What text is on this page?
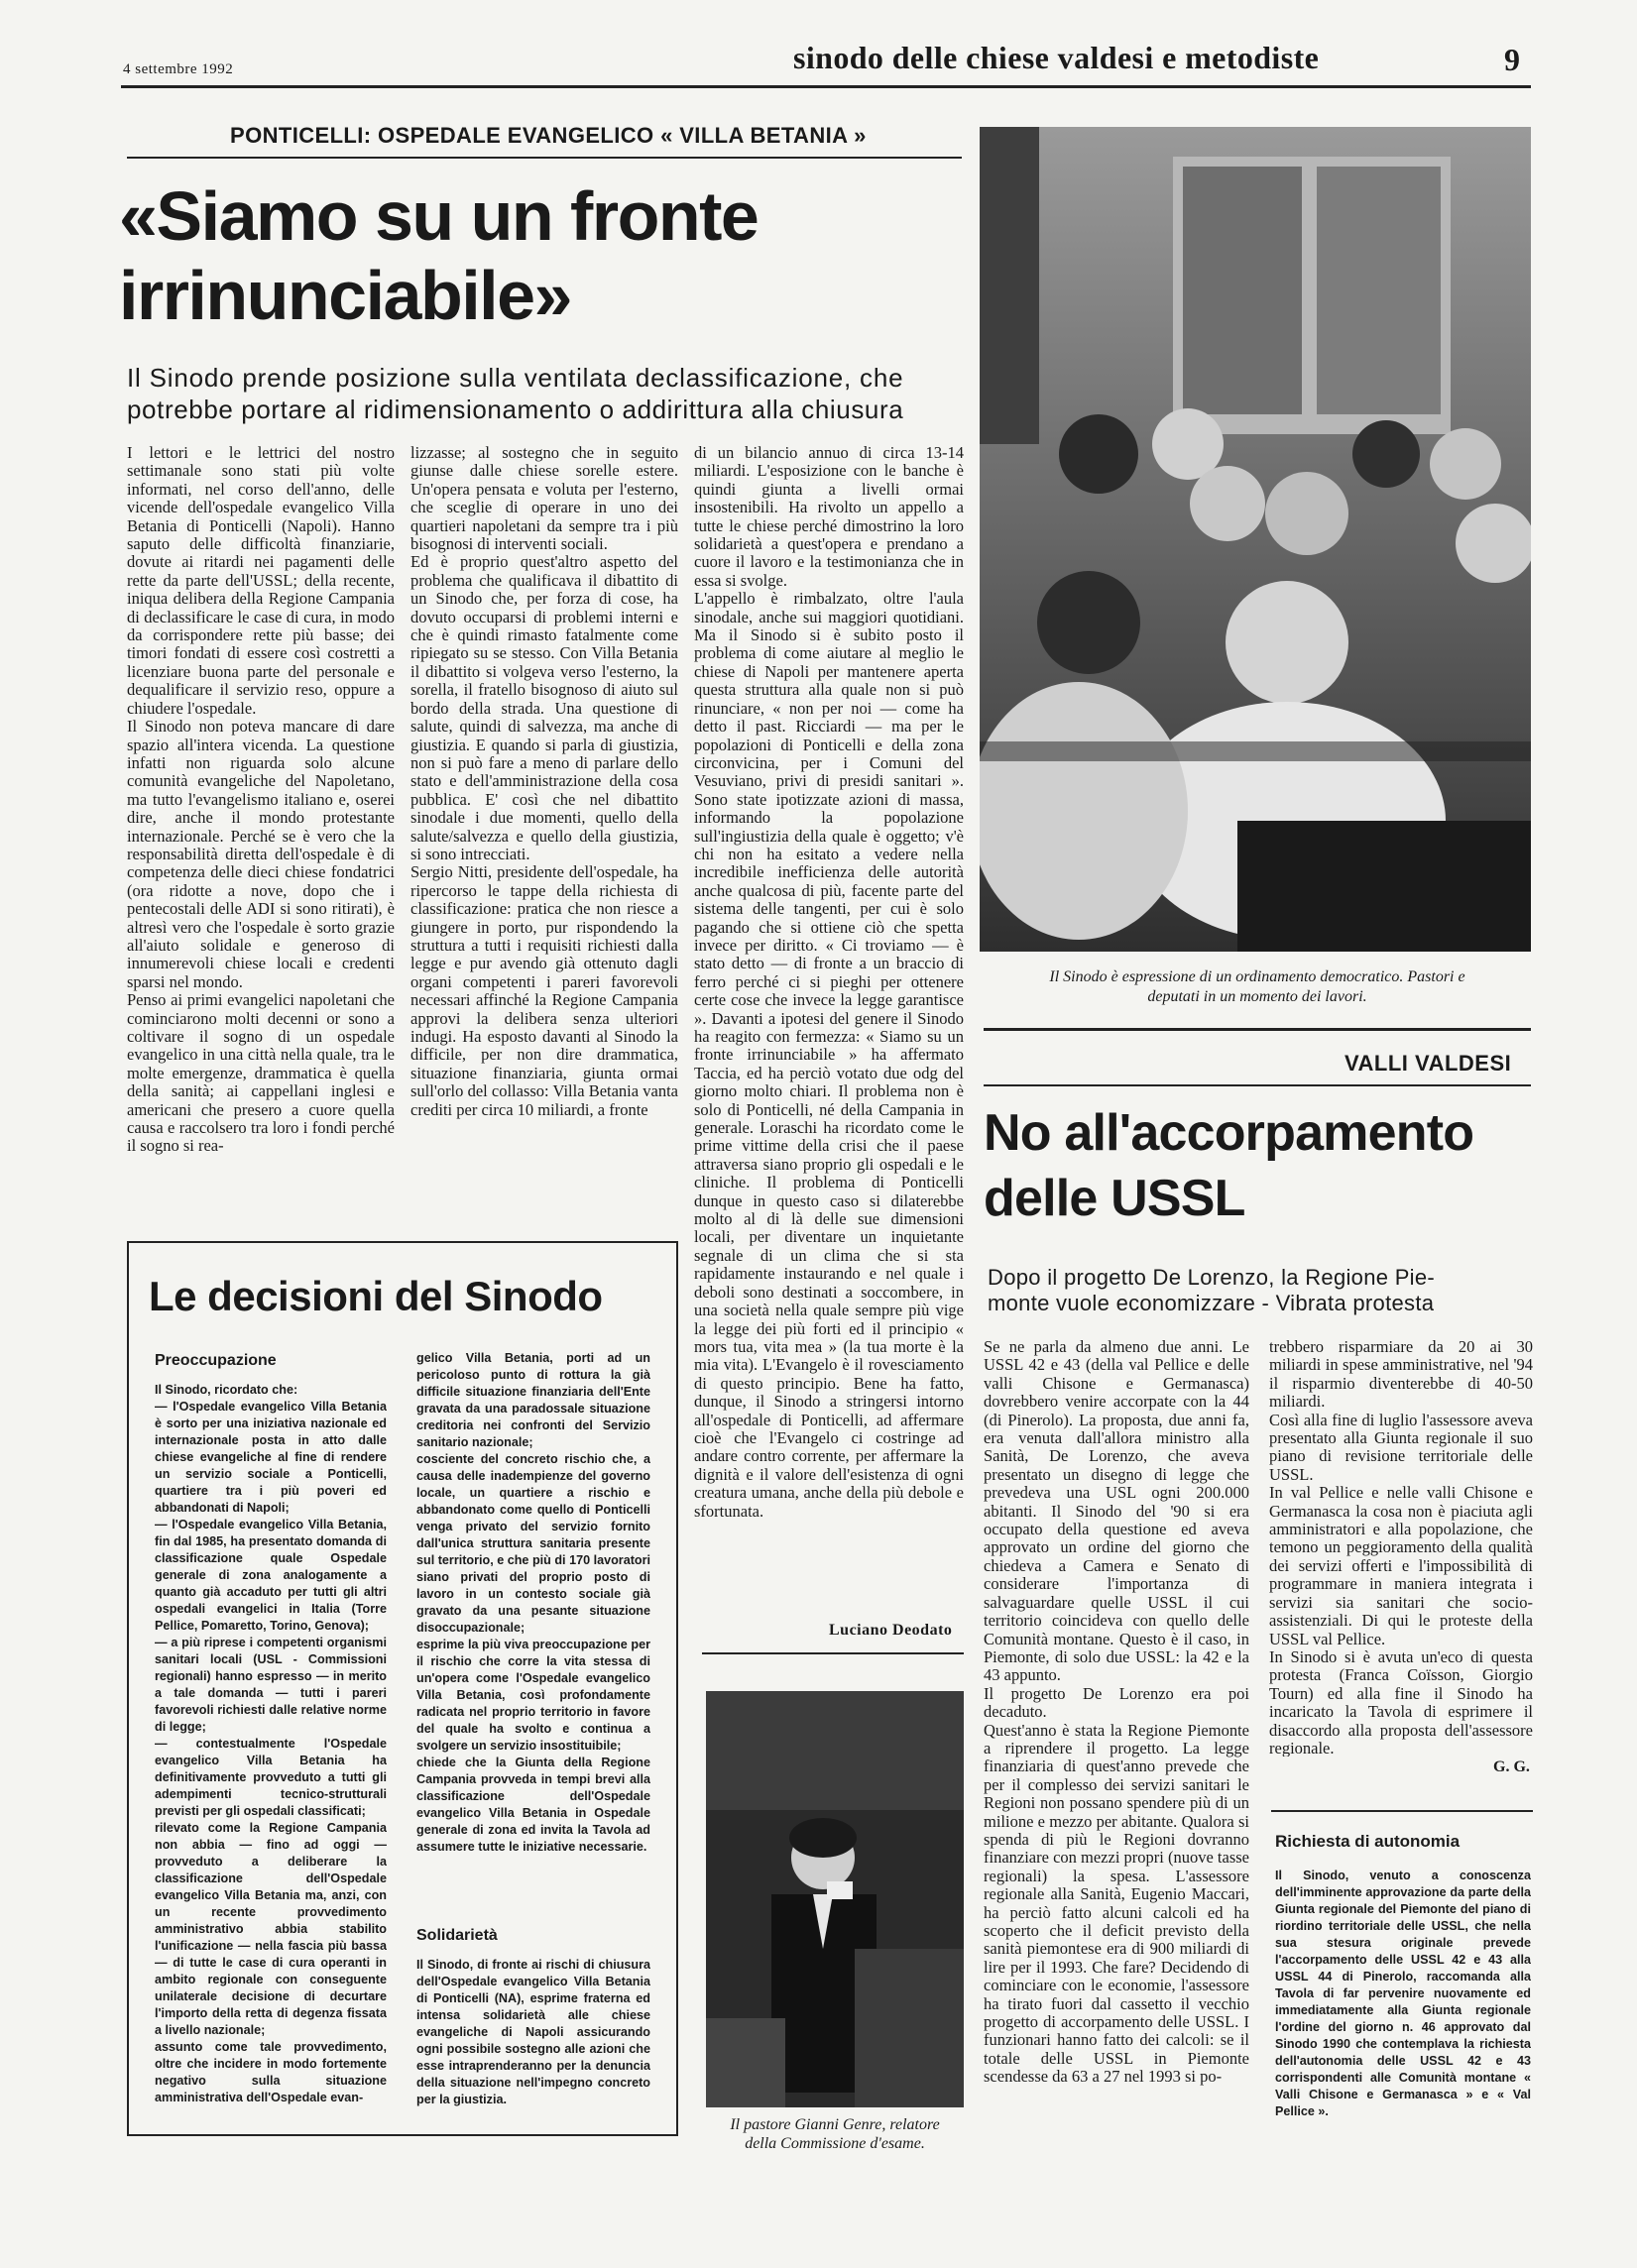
4 settembre 1992	sinodo delle chiese valdesi e metodiste	9
PONTICELLI: OSPEDALE EVANGELICO « VILLA BETANIA »
«Siamo su un fronte
irrinunciabile»
Il Sinodo prende posizione sulla ventilata declassificazione, che
potrebbe portare al ridimensionamento o addirittura alla chiusura
I lettori e le lettrici del nostro settimanale sono stati più volte informati, nel corso dell'anno, delle vicende dell'ospedale evangelico Villa Betania di Ponticelli (Napoli). Hanno saputo delle difficoltà finanziarie, dovute ai ritardi nei pagamenti delle rette da parte dell'USSL; della recente, iniqua delibera della Regione Campania di declassificare le case di cura, in modo da corrispondere rette più basse; dei timori fondati di essere così costretti a licenziare buona parte del personale e dequalificare il servizio reso, oppure a chiudere l'ospedale.
Il Sinodo non poteva mancare di dare spazio all'intera vicenda. La questione infatti non riguarda solo alcune comunità evangeliche del Napoletano, ma tutto l'evangelismo italiano e, oserei dire, anche il mondo protestante internazionale. Perché se è vero che la responsabilità diretta dell'ospedale è di competenza delle dieci chiese fondatrici (ora ridotte a nove, dopo che i pentecostali delle ADI si sono ritirati), è altresì vero che l'ospedale è sorto grazie all'aiuto solidale e generoso di innumerevoli chiese locali e credenti sparsi nel mondo.
Penso ai primi evangelici napoletani che cominciarono molti decenni or sono a coltivare il sogno di un ospedale evangelico in una città nella quale, tra le molte emergenze, drammatica è quella della sanità; ai cappellani inglesi e americani che presero a cuore quella causa e raccolsero tra loro i fondi perché il sogno si rea-
lizzasse; al sostegno che in seguito giunse dalle chiese sorelle estere. Un'opera pensata e voluta per l'esterno, che sceglie di operare in uno dei quartieri napoletani da sempre tra i più bisognosi di interventi sociali.
Ed è proprio quest'altro aspetto del problema che qualificava il dibattito di un Sinodo che, per forza di cose, ha dovuto occuparsi di problemi interni e che è quindi rimasto fatalmente come ripiegato su se stesso. Con Villa Betania il dibattito si volgeva verso l'esterno, la sorella, il fratello bisognoso di aiuto sul bordo della strada. Una questione di salute, quindi di salvezza, ma anche di giustizia. E quando si parla di giustizia, non si può fare a meno di parlare dello stato e dell'amministrazione della cosa pubblica. E' così che nel dibattito sinodale i due momenti, quello della salute/salvezza e quello della giustizia, si sono intrecciati.
Sergio Nitti, presidente dell'ospedale, ha ripercorso le tappe della richiesta di classificazione: pratica che non riesce a giungere in porto, pur rispondendo la struttura a tutti i requisiti richiesti dalla legge e pur avendo già ottenuto dagli organi competenti i pareri favorevoli necessari affinché la Regione Campania approvi la delibera senza ulteriori indugi. Ha esposto davanti al Sinodo la difficile, per non dire drammatica, situazione finanziaria, giunta ormai sull'orlo del collasso: Villa Betania vanta crediti per circa 10 miliardi, a fronte
di un bilancio annuo di circa 13-14 miliardi. L'esposizione con le banche è quindi giunta a livelli ormai insostenibili. Ha rivolto un appello a tutte le chiese perché dimostrino la loro solidarietà a quest'opera e prendano a cuore il lavoro e la testimonianza che in essa si svolge.
L'appello è rimbalzato, oltre l'aula sinodale, anche sui maggiori quotidiani. Ma il Sinodo si è subito posto il problema di come aiutare al meglio le chiese di Napoli per mantenere aperta questa struttura alla quale non si può rinunciare, « non per noi — come ha detto il past. Ricciardi — ma per le popolazioni di Ponticelli e della zona circonvicina, per i Comuni del Vesuviano, privi di presidi sanitari ». Sono state ipotizzate azioni di massa, informando la popolazione sull'ingiustizia della quale è oggetto; v'è chi non ha esitato a vedere nella incredibile inefficienza delle autorità anche qualcosa di più, facente parte del sistema delle tangenti, per cui è solo pagando che si ottiene ciò che spetta invece per diritto. « Ci troviamo — è stato detto — di fronte a un braccio di ferro perché ci si pieghi per ottenere certe cose che invece la legge garantisce ». Davanti a ipotesi del genere il Sinodo ha reagito con fermezza: « Siamo su un fronte irrinunciabile » ha affermato Taccia, ed ha perciò votato due odg del giorno molto chiari. Il problema non è solo di Ponticelli, né della Campania in generale. Loraschi ha ricordato come le prime vittime della crisi che il paese attraversa siano proprio gli ospedali e le cliniche. Il problema di Ponticelli dunque in questo caso si dilaterebbe molto al di là delle sue dimensioni locali, per diventare un inquietante segnale di un clima che si sta rapidamente instaurando e nel quale i deboli sono destinati a soccombere, in una società nella quale sempre più vige la legge dei più forti ed il principio « mors tua, vita mea » (la tua morte è la mia vita). L'Evangelo è il rovesciamento di questo principio. Bene ha fatto, dunque, il Sinodo a stringersi intorno all'ospedale di Ponticelli, ad affermare cioè che l'Evangelo ci costringe ad andare contro corrente, per affermare la dignità e il valore dell'esistenza di ogni creatura umana, anche della più debole e sfortunata.
Luciano Deodato
Il Sinodo è espressione di un ordinamento democratico. Pastori e
deputati in un momento dei lavori.
Le decisioni del Sinodo
Preoccupazione
Il Sinodo, ricordato che:
— l'Ospedale evangelico Villa Betania è sorto per una iniziativa nazionale ed internazionale posta in atto dalle chiese evangeliche al fine di rendere un servizio sociale a Ponticelli, quartiere tra i più poveri ed abbandonati di Napoli;
— l'Ospedale evangelico Villa Betania, fin dal 1985, ha presentato domanda di classificazione quale Ospedale generale di zona analogamente a quanto già accaduto per tutti gli altri ospedali evangelici in Italia (Torre Pellice, Pomaretto, Torino, Genova);
— a più riprese i competenti organismi sanitari locali (USL - Commissioni regionali) hanno espresso — in merito a tale domanda — tutti i pareri favorevoli richiesti dalle relative norme di legge;
— contestualmente l'Ospedale evangelico Villa Betania ha definitivamente provveduto a tutti gli adempimenti tecnico-strutturali previsti per gli ospedali classificati;
rilevato come la Regione Campania non abbia — fino ad oggi — provveduto a deliberare la classificazione dell'Ospedale evangelico Villa Betania ma, anzi, con un recente provvedimento amministrativo abbia stabilito l'unificazione — nella fascia più bassa — di tutte le case di cura operanti in ambito regionale con conseguente unilaterale decisione di decurtare l'importo della retta di degenza fissata a livello nazionale;
assunto come tale provvedimento, oltre che incidere in modo fortemente negativo sulla situazione amministrativa dell'Ospedale evan-
gelico Villa Betania, porti ad un pericoloso punto di rottura la già difficile situazione finanziaria dell'Ente gravata da una paradossale situazione creditoria nei confronti del Servizio sanitario nazionale;
cosciente del concreto rischio che, a causa delle inadempienze del governo locale, un quartiere a rischio e abbandonato come quello di Ponticelli venga privato del servizio fornito dall'unica struttura sanitaria presente sul territorio, e che più di 170 lavoratori siano privati del proprio posto di lavoro in un contesto sociale già gravato da una pesante situazione disoccupazionale;
esprime la più viva preoccupazione per il rischio che corre la vita stessa di un'opera come l'Ospedale evangelico Villa Betania, così profondamente radicata nel proprio territorio in favore del quale ha svolto e continua a svolgere un servizio insostituibile;
chiede che la Giunta della Regione Campania provveda in tempi brevi alla classificazione dell'Ospedale evangelico Villa Betania in Ospedale generale di zona ed invita la Tavola ad assumere tutte le iniziative necessarie.
Solidarietà
Il Sinodo, di fronte ai rischi di chiusura dell'Ospedale evangelico Villa Betania di Ponticelli (NA), esprime fraterna ed intensa solidarietà alle chiese evangeliche di Napoli assicurando ogni possibile sostegno alle azioni che esse intraprenderanno per la denuncia della situazione nell'impegno concreto per la giustizia.
Il pastore Gianni Genre, relatore
della Commissione d'esame.
VALLI VALDESI
No all'accorpamento
delle USSL
Dopo il progetto De Lorenzo, la Regione Pie-
monte vuole economizzare - Vibrata protesta
Se ne parla da almeno due anni. Le USSL 42 e 43 (della val Pellice e delle valli Chisone e Germanasca) dovrebbero venire accorpate con la 44 (di Pinerolo). La proposta, due anni fa, era venuta dall'allora ministro alla Sanità, De Lorenzo, che aveva presentato un disegno di legge che prevedeva una USL ogni 200.000 abitanti. Il Sinodo del '90 si era occupato della questione ed aveva approvato un ordine del giorno che chiedeva a Camera e Senato di considerare l'importanza di salvaguardare quelle USSL il cui territorio coincideva con quello delle Comunità montane. Questo è il caso, in Piemonte, di solo due USSL: la 42 e la 43 appunto.
Il progetto De Lorenzo era poi decaduto.
Quest'anno è stata la Regione Piemonte a riprendere il progetto. La legge finanziaria di quest'anno prevede che per il complesso dei servizi sanitari le Regioni non possano spendere più di un milione e mezzo per abitante. Qualora si spenda di più le Regioni dovranno finanziare con mezzi propri (nuove tasse regionali) la spesa. L'assessore regionale alla Sanità, Eugenio Maccari, ha perciò fatto alcuni calcoli ed ha scoperto che il deficit previsto della sanità piemontese era di 900 miliardi di lire per il 1993. Che fare? Decidendo di cominciare con le economie, l'assessore ha tirato fuori dal cassetto il vecchio progetto di accorpamento delle USSL. I funzionari hanno fatto dei calcoli: se il totale delle USSL in Piemonte scendesse da 63 a 27 nel 1993 si po-
trebbero risparmiare da 20 ai 30 miliardi in spese amministrative, nel '94 il risparmio diventerebbe di 40-50 miliardi.
Così alla fine di luglio l'assessore aveva presentato alla Giunta regionale il suo piano di revisione territoriale delle USSL.
In val Pellice e nelle valli Chisone e Germanasca la cosa non è piaciuta agli amministratori e alla popolazione, che temono un peggioramento della qualità dei servizi offerti e l'impossibilità di programmare in maniera integrata i servizi sia sanitari che socio-assistenziali. Di qui le proteste della USSL val Pellice.
In Sinodo si è avuta un'eco di questa protesta (Franca Coïsson, Giorgio Tourn) ed alla fine il Sinodo ha incaricato la Tavola di esprimere il disaccordo alla proposta dell'assessore regionale.
G. G.
Richiesta di autonomia
Il Sinodo, venuto a conoscenza dell'imminente approvazione da parte della Giunta regionale del Piemonte del piano di riordino territoriale delle USSL, che nella sua stesura originale prevede l'accorpamento delle USSL 42 e 43 alla USSL 44 di Pinerolo, raccomanda alla Tavola di far pervenire nuovamente ed immediatamente alla Giunta regionale l'ordine del giorno n. 46 approvato dal Sinodo 1990 che contemplava la richiesta dell'autonomia delle USSL 42 e 43 corrispondenti alle Comunità montane « Valli Chisone e Germanasca » e « Val Pellice ».
